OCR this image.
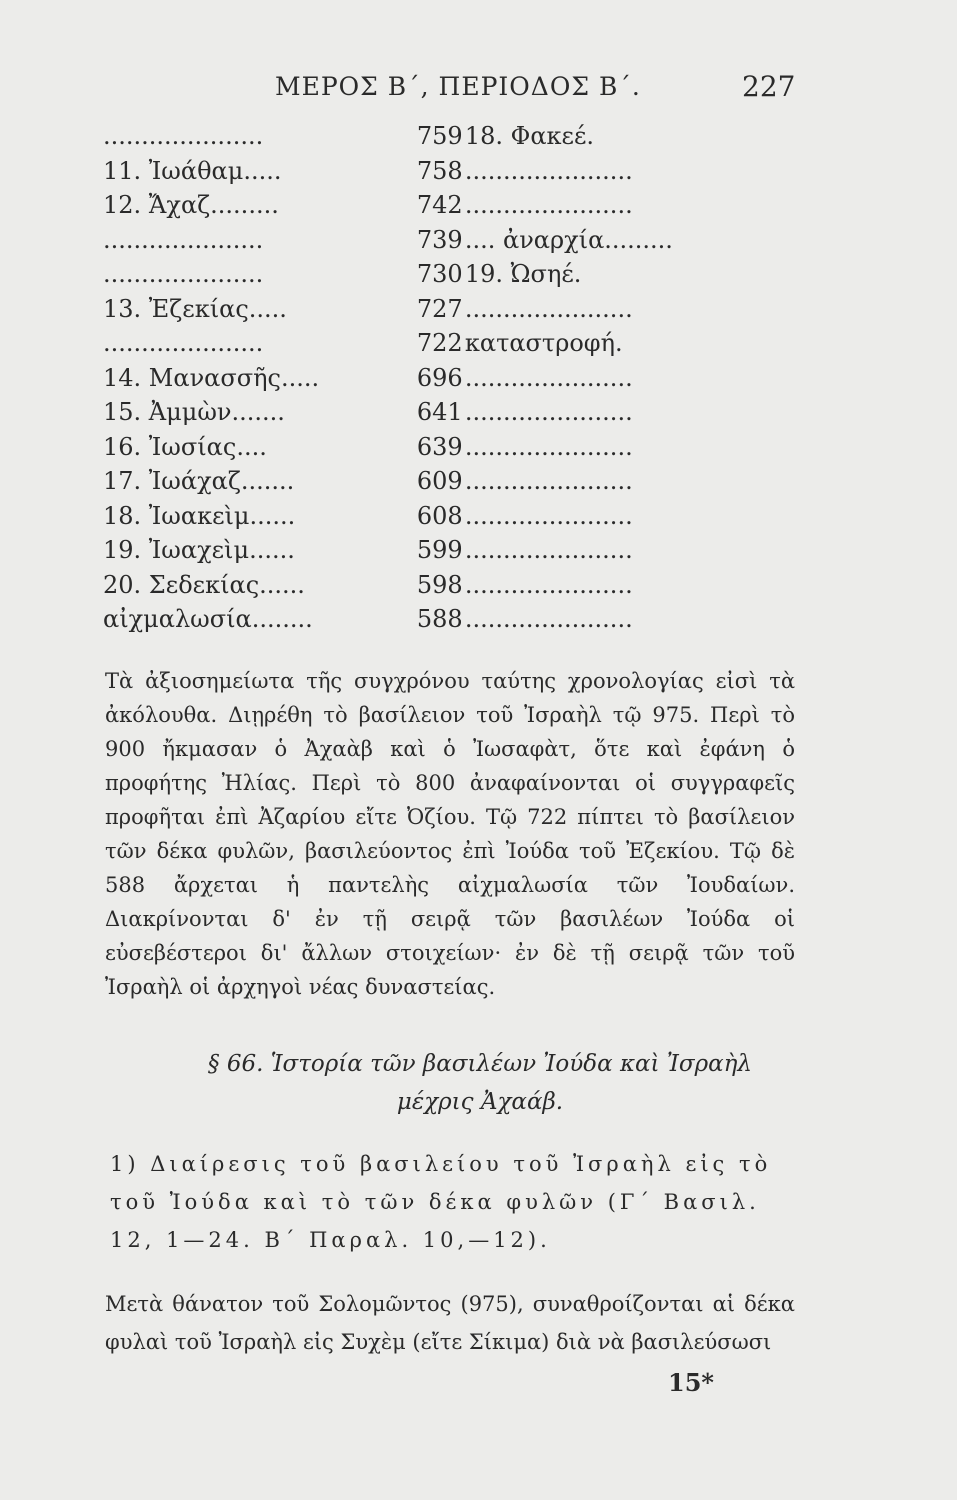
ΜΕΡΟΣ Β΄, ΠΕΡΙΟΔΟΣ Β΄.	227
.....................	759 18. Φακεέ.
11. Ἰωάθαμ.....	758 ......................
12. Ἄχαζ.........	742 ......................
.....................	739 .... ἀναρχία.........
.....................	730 19. Ὠσηέ.
13. Ἐζεκίας.....	727 ......................
.....................	722 καταστροφή.
14. Μανασσῆς.....	696 ......................
15. Ἀμμὼν.......	641 ......................
16. Ἰωσίας....	639 ......................
17. Ἰωάχαζ.......	609 ......................
18. Ἰωακεὶμ......	608 ......................
19. Ἰωαχεὶμ......	599 ......................
20. Σεδεκίας......	598 ......................
αἰχμαλωσία........	588 ......................
Τὰ ἀξιοσημείωτα τῆς συγχρόνου ταύτης χρονολογίας εἰσὶ τὰ ἀκόλουθα. Διῃρέθη τὸ βασίλειον τοῦ Ἰσραὴλ τῷ 975. Περὶ τὸ 900 ἤκμασαν ὁ Ἀχαὰβ καὶ ὁ Ἰωσαφὰτ, ὅτε καὶ ἐφάνη ὁ προφήτης Ἠλίας. Περὶ τὸ 800 ἀναφαίνονται οἱ συγγραφεῖς προφῆται ἐπὶ Ἀζαρίου εἴτε Ὀζίου. Τῷ 722 πίπτει τὸ βασίλειον τῶν δέκα φυλῶν, βασιλεύοντος ἐπὶ Ἰούδα τοῦ Ἐζεκίου. Τῷ δὲ 588 ἄρχεται ἡ παντελὴς αἰχμαλωσία τῶν Ἰουδαίων. Διακρίνονται δ' ἐν τῇ σειρᾷ τῶν βασιλέων Ἰούδα οἱ εὐσεβέστεροι δι' ἄλλων στοιχείων· ἐν δὲ τῇ σειρᾷ τῶν τοῦ Ἰσραὴλ οἱ ἀρχηγοὶ νέας δυναστείας.
§ 66. Ἱστορία τῶν βασιλέων Ἰούδα καὶ Ἰσραὴλ
μέχρις Ἀχαάβ.
1) Διαίρεσις τοῦ βασιλείου τοῦ Ἰσραὴλ εἰς τὸ τοῦ Ἰούδα καὶ τὸ τῶν δέκα φυλῶν (Γ΄ Βασιλ. 12, 1—24. Β΄ Παραλ. 10,—12).
Μετὰ θάνατον τοῦ Σολομῶντος (975), συναθροίζονται αἱ δέκα φυλαὶ τοῦ Ἰσραὴλ εἰς Συχὲμ (εἴτε Σίκιμα) διὰ νὰ βασιλεύσωσι
15*
